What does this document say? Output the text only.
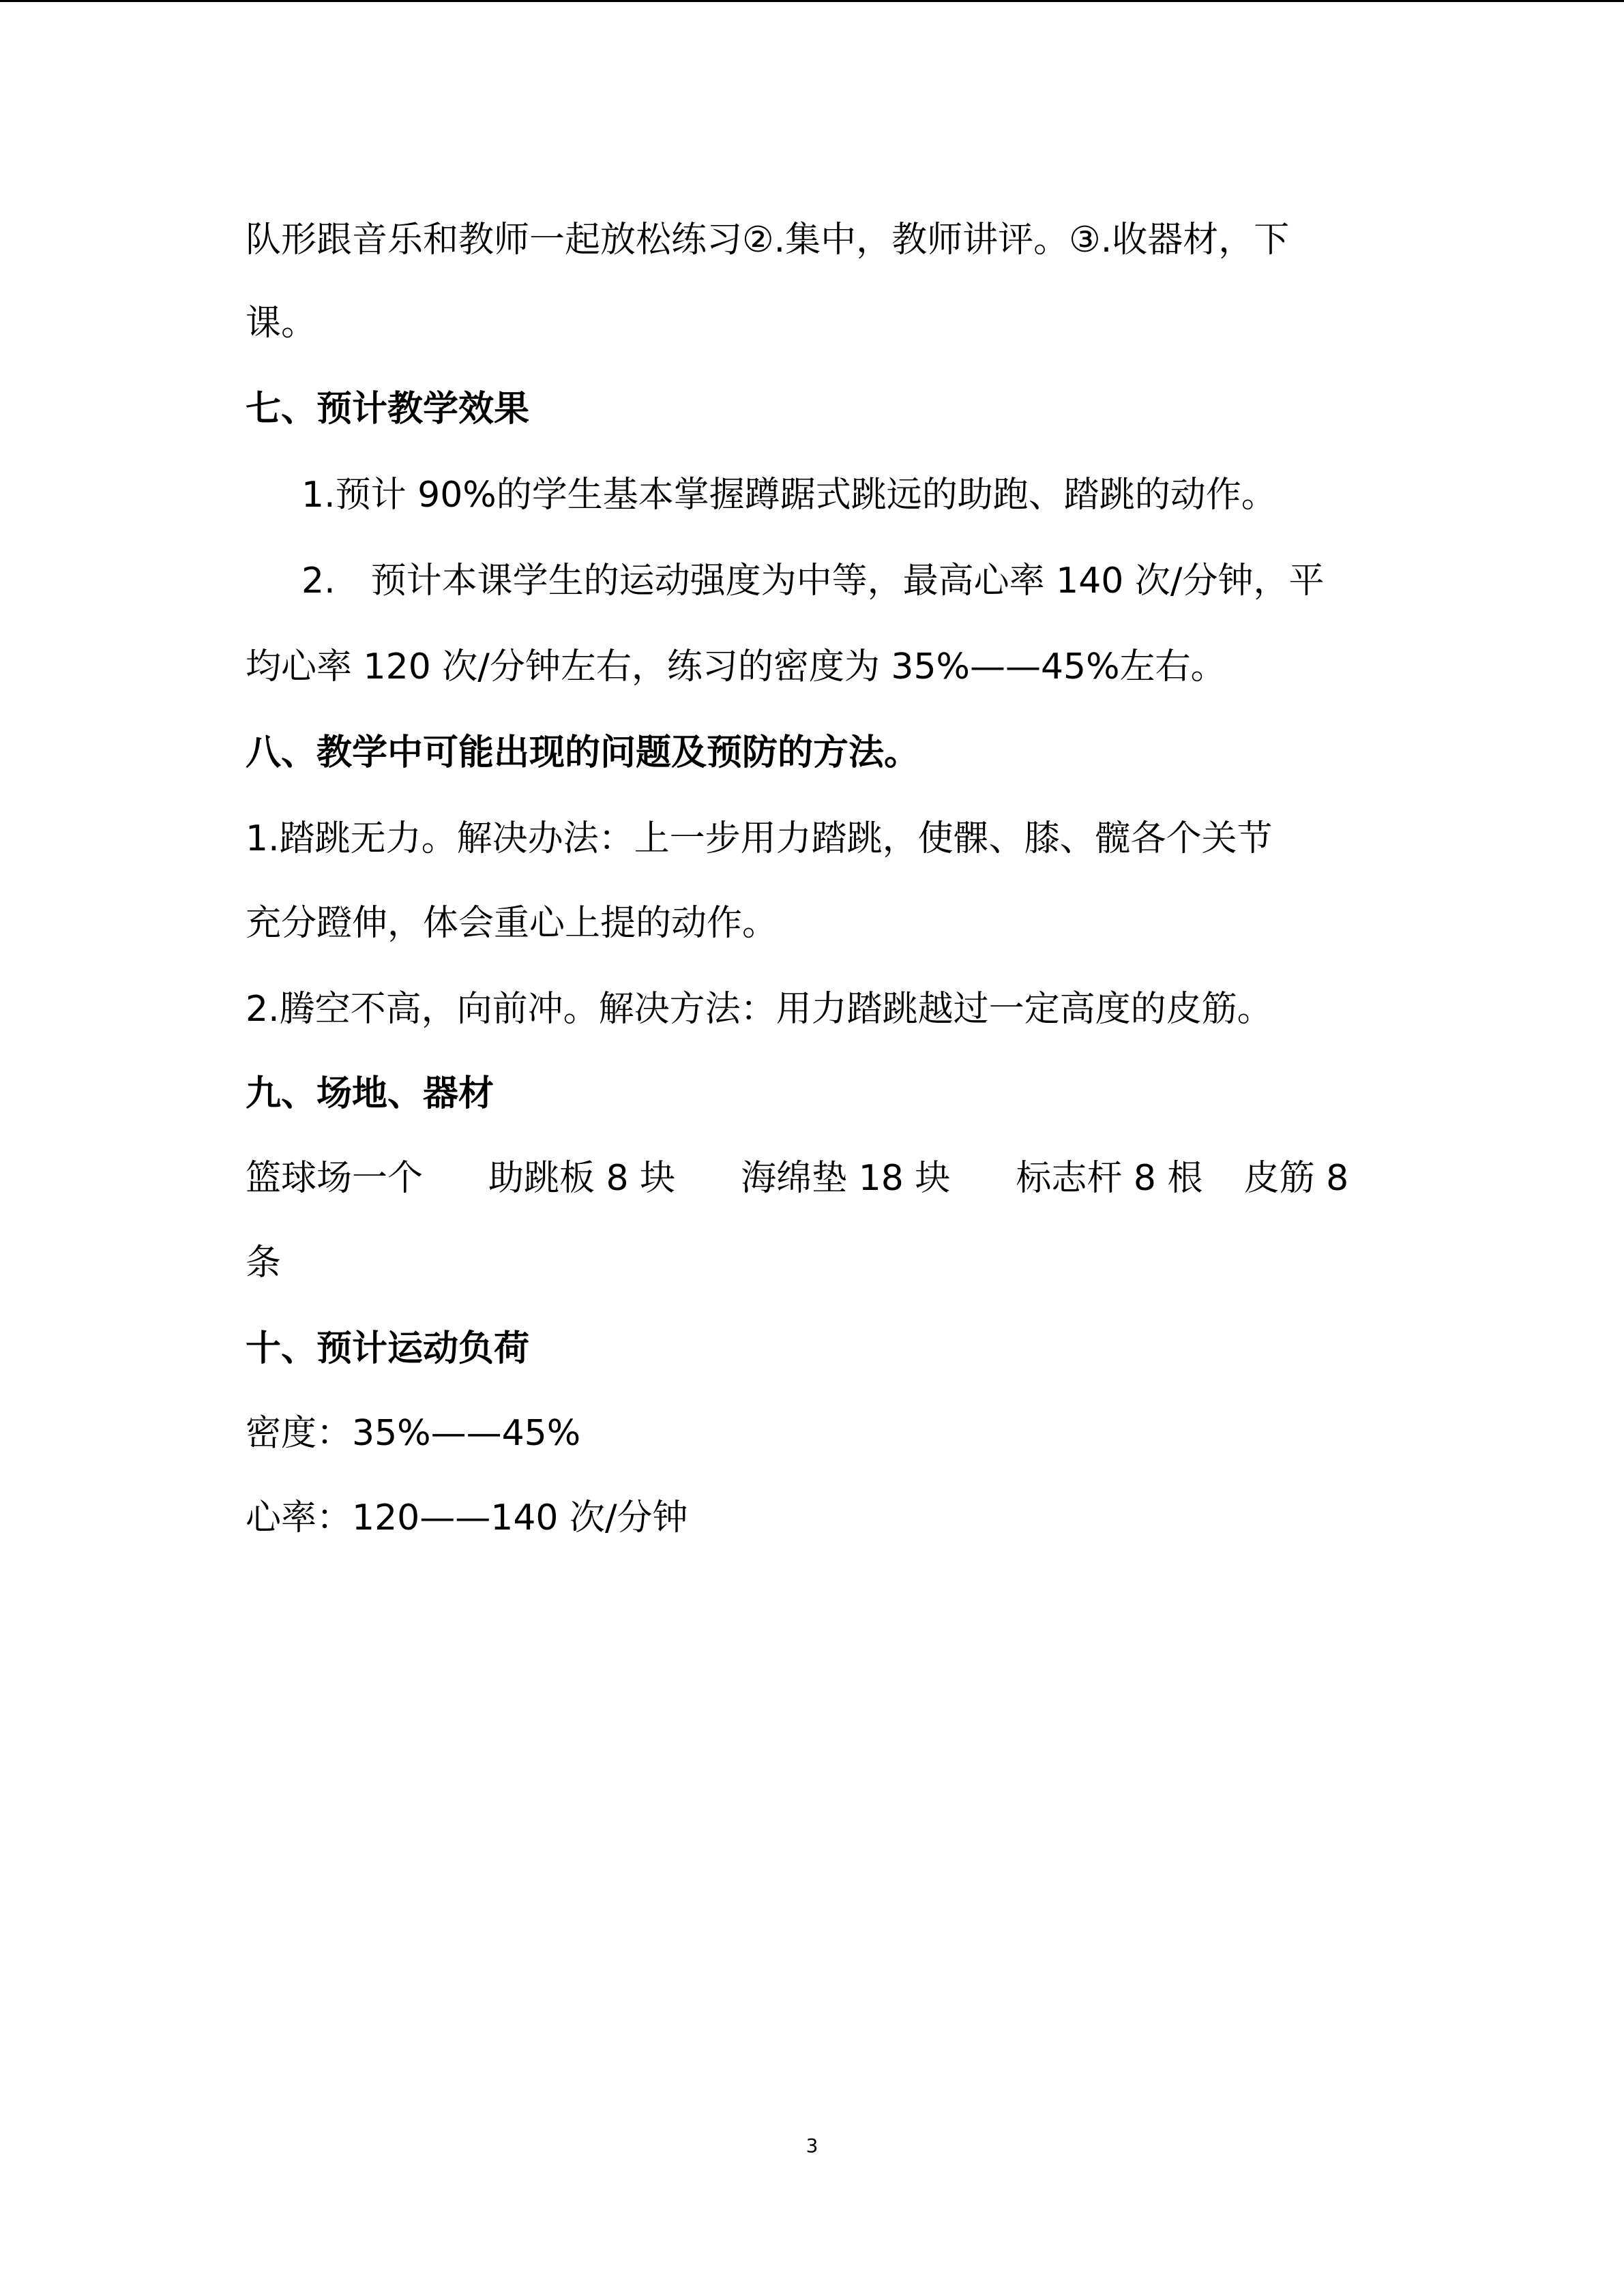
队形跟音乐和教师一起放松练习②.集中，教师讲评。③.收器材，下
课。
七、预计教学效果
1.预计 90%的学生基本掌握蹲踞式跳远的助跑、踏跳的动作。
2.　预计本课学生的运动强度为中等，最高心率 140 次/分钟，平
均心率 120 次/分钟左右，练习的密度为 35%——45%左右。
八、教学中可能出现的问题及预防的方法。
1.踏跳无力。解决办法：上一步用力踏跳，使髁、膝、髋各个关节
充分蹬伸，体会重心上提的动作。
2.腾空不高，向前冲。解决方法：用力踏跳越过一定高度的皮筋。
九、场地、器材
篮球场一个 助跳板 8 块 海绵垫 18 块 标志杆 8 根 皮筋 8
条
十、预计运动负荷
密度：35%——45%
心率：120——140 次/分钟
3
